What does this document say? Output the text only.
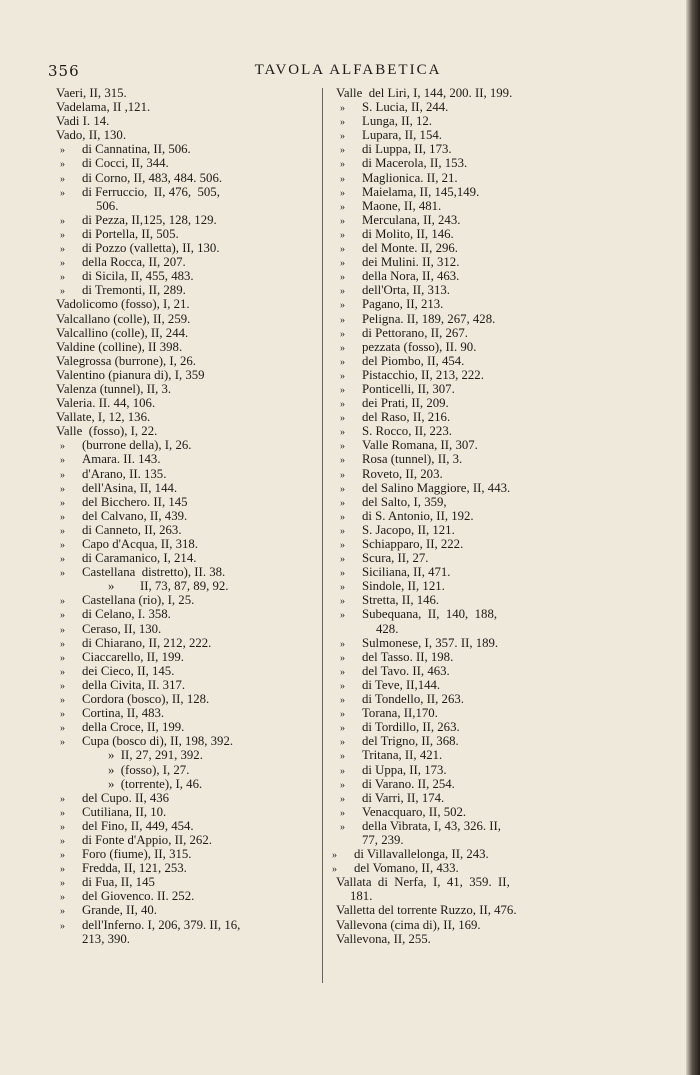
356	TAVOLA ALFABETICA
Vaeri, II, 315.
Vadelama, II ,121.
Vadi I. 14.
Vado, II, 130.
» di Cannatina, II, 506.
» di Cocci, II, 344.
» di Corno, II, 483, 484. 506.
» di Ferruccio,  II, 476,  505,
506.
» di Pezza, II,125, 128, 129.
» di Portella, II, 505.
» di Pozzo (valletta), II, 130.
» della Rocca, II, 207.
» di Sicila, II, 455, 483.
» di Tremonti, II, 289.
Vadolicomo (fosso), I, 21.
Valcallano (colle), II, 259.
Valcallino (colle), II, 244.
Valdine (colline), II 398.
Valegrossa (burrone), I, 26.
Valentino (pianura di), I, 359
Valenza (tunnel), II, 3.
Valeria. II. 44, 106.
Vallate, I, 12, 136.
Valle  (fosso), I, 22.
» (burrone della), I, 26.
» Amara. II. 143.
» d'Arano, II. 135.
» dell'Asina, II, 144.
» del Bicchero. II, 145
» del Calvano, II, 439.
» di Canneto, II, 263.
» Capo d'Acqua, II, 318.
» di Caramanico, I, 214.
» Castellana  distretto), II. 38.
»        II, 73, 87, 89, 92.
» Castellana (rio), I, 25.
» di Celano, I. 358.
» Ceraso, II, 130.
» di Chiarano, II, 212, 222.
» Ciaccarello, II, 199.
» dei Cieco, II, 145.
» della Civita, II. 317.
» Cordora (bosco), II, 128.
» Cortina, II, 483.
» della Croce, II, 199.
» Cupa (bosco di), II, 198, 392.
»  II, 27, 291, 392.
»  (fosso), I, 27.
»  (torrente), I, 46.
» del Cupo. II, 436
» Cutiliana, II, 10.
» del Fino, II, 449, 454.
» di Fonte d'Appio, II, 262.
» Foro (fiume), II, 315.
» Fredda, II, 121, 253.
» di Fua, II, 145
» del Giovenco. II. 252.
» Grande, II, 40.
» dell'Inferno. I, 206, 379. II, 16,
213, 390.
Valle  del Liri, I, 144, 200. II, 199.
» S. Lucia, II, 244.
» Lunga, II, 12.
» Lupara, II, 154.
» di Luppa, II, 173.
» di Macerola, II, 153.
» Maglionica. II, 21.
» Maielama, II, 145,149.
» Maone, II, 481.
» Merculana, II, 243.
» di Molito, II, 146.
» del Monte. II, 296.
» dei Mulini. II, 312.
» della Nora, II, 463.
» dell'Orta, II, 313.
» Pagano, II, 213.
» Peligna. II, 189, 267, 428.
» di Pettorano, II, 267.
» pezzata (fosso), II. 90.
» del Piombo, II, 454.
» Pistacchio, II, 213, 222.
» Ponticelli, II, 307.
» dei Prati, II, 209.
» del Raso, II, 216.
» S. Rocco, II, 223.
» Valle Romana, II, 307.
» Rosa (tunnel), II, 3.
» Roveto, II, 203.
» del Salino Maggiore, II, 443.
» del Salto, I, 359,
» di S. Antonio, II, 192.
» S. Jacopo, II, 121.
» Schiapparo, II, 222.
» Scura, II, 27.
» Siciliana, II, 471.
» Sindole, II, 121.
» Stretta, II, 146.
» Subequana,  II,  140,  188,
428.
» Sulmonese, I, 357. II, 189.
» del Tasso. II, 198.
» del Tavo. II, 463.
» di Teve, II,144.
» di Tondello, II, 263.
» Torana, II,170.
» di Tordillo, II, 263.
» del Trigno, II, 368.
» Tritana, II, 421.
» di Uppa, II, 173.
» di Varano. II, 254.
» di Varri, II, 174.
» Venacquaro, II, 502.
» della Vibrata, I, 43, 326. II,
77, 239.
» di Villavallelonga, II, 243.
» del Vomano, II, 433.
Vallata  di  Nerfa,  I,  41,  359.  II,
181.
Valletta del torrente Ruzzo, II, 476.
Vallevona (cima di), II, 169.
Vallevona, II, 255.
